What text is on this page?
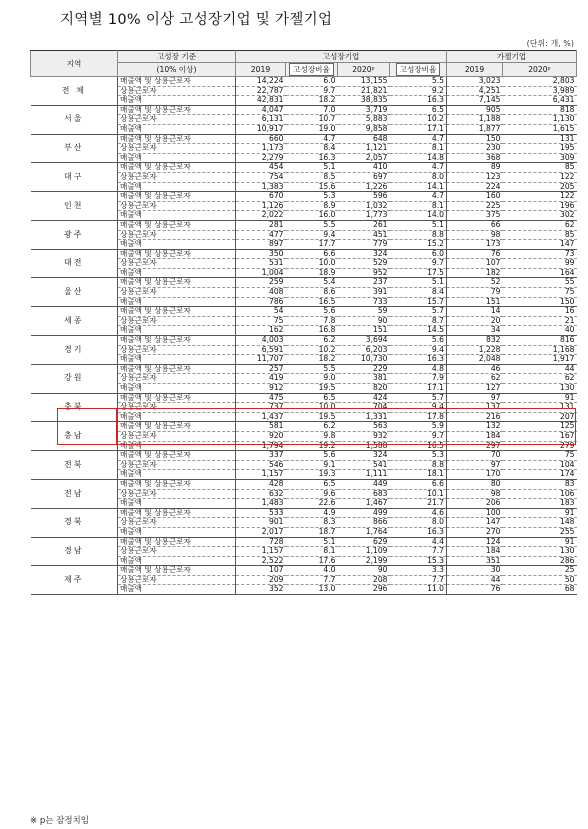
지역별 10% 이상 고성장기업 및 가젤기업
(단위: 개, %)
지역	고성장 기준	고성장기업				가젤기업	
	(10% 이상)	2019	고성장비율	2020ᵖ	고성장비율	2019	2020ᵖ
전 체	매출액 및 상용근로자	14,224	6.0	13,155	5.5	3,023	2,803
	상용근로자	22,787	9.7	21,821	9.2	4,251	3,989
	매출액	42,831	18.2	38,835	16.3	7,145	6,431
서울	매출액 및 상용근로자	4,047	7.0	3,719	6.5	905	818
	상용근로자	6,131	10.7	5,883	10.2	1,188	1,130
	매출액	10,917	19.0	9,858	17.1	1,877	1,615
부산	매출액 및 상용근로자	660	4.7	648	4.7	150	131
	상용근로자	1,173	8.4	1,121	8.1	230	195
	매출액	2,279	16.3	2,057	14.8	368	309
대구	매출액 및 상용근로자	454	5.1	410	4.7	89	85
	상용근로자	754	8.5	697	8.0	123	122
	매출액	1,383	15.6	1,226	14.1	224	205
인천	매출액 및 상용근로자	670	5.3	596	4.7	160	122
	상용근로자	1,126	8.9	1,032	8.1	225	196
	매출액	2,022	16.0	1,773	14.0	375	302
광주	매출액 및 상용근로자	281	5.5	261	5.1	66	62
	상용근로자	477	9.4	451	8.8	98	85
	매출액	897	17.7	779	15.2	173	147
대전	매출액 및 상용근로자	350	6.6	324	6.0	76	73
	상용근로자	531	10.0	529	9.7	107	99
	매출액	1,004	18.9	952	17.5	182	164
울산	매출액 및 상용근로자	259	5.4	237	5.1	52	55
	상용근로자	408	8.6	391	8.4	79	75
	매출액	786	16.5	733	15.7	151	150
세종	매출액 및 상용근로자	54	5.6	59	5.7	14	16
	상용근로자	75	7.8	90	8.7	20	21
	매출액	162	16.8	151	14.5	34	40
경기	매출액 및 상용근로자	4,003	6.2	3,694	5.6	832	816
	상용근로자	6,591	10.2	6,203	9.4	1,228	1,168
	매출액	11,707	18.2	10,730	16.3	2,048	1,917
강원	매출액 및 상용근로자	257	5.5	229	4.8	46	44
	상용근로자	419	9.0	381	7.9	62	62
	매출액	912	19.5	820	17.1	127	130
충북	매출액 및 상용근로자	475	6.5	424	5.7	97	91
	상용근로자	737	10.0	704	9.4	137	131
	매출액	1,437	19.5	1,331	17.8	216	207
충남	매출액 및 상용근로자	581	6.2	563	5.9	132	125
	상용근로자	920	9.8	932	9.7	184	167
	매출액	1,794	19.2	1,588	16.5	297	279
전북	매출액 및 상용근로자	337	5.6	324	5.3	70	75
	상용근로자	546	9.1	541	8.8	97	104
	매출액	1,157	19.3	1,111	18.1	170	174
전남	매출액 및 상용근로자	428	6.5	449	6.6	80	83
	상용근로자	632	9.6	683	10.1	98	106
	매출액	1,483	22.6	1,467	21.7	206	183
경북	매출액 및 상용근로자	533	4.9	499	4.6	100	91
	상용근로자	901	8.3	866	8.0	147	148
	매출액	2,017	18.7	1,764	16.3	270	255
경남	매출액 및 상용근로자	728	5.1	629	4.4	124	91
	상용근로자	1,157	8.1	1,109	7.7	184	130
	매출액	2,522	17.6	2,199	15.3	351	286
제주	매출액 및 상용근로자	107	4.0	90	3.3	30	25
	상용근로자	209	7.7	208	7.7	44	50
	매출액	352	13.0	296	11.0	76	68
※ p는 잠정치임
